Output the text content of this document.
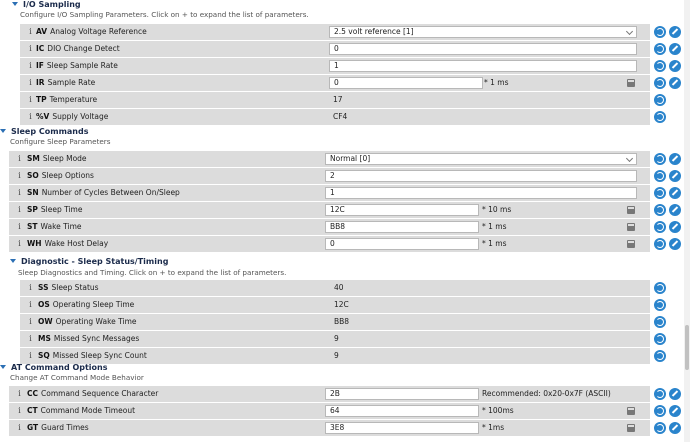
I/O Sampling
Configure I/O Sampling Parameters. Click on + to expand the list of parameters.
i AV Analog Voltage Reference	2.5 volt reference [1]
i IC DIO Change Detect	0
i IF Sleep Sample Rate	1
i IR Sample Rate	0	* 1 ms
i TP Temperature	17
i %V Supply Voltage	CF4
Sleep Commands
Configure Sleep Parameters
i SM Sleep Mode	Normal [0]
i SO Sleep Options	2
i SN Number of Cycles Between On/Sleep	1
i SP Sleep Time	12C	* 10 ms
i ST Wake Time	BB8	* 1 ms
i WH Wake Host Delay	0	* 1 ms
Diagnostic - Sleep Status/Timing
Sleep Diagnostics and Timing. Click on + to expand the list of parameters.
i SS Sleep Status	40
i OS Operating Sleep Time	12C
i OW Operating Wake Time	BB8
i MS Missed Sync Messages	9
i SQ Missed Sleep Sync Count	9
AT Command Options
Change AT Command Mode Behavior
i CC Command Sequence Character	2B	Recommended: 0x20-0x7F (ASCII)
i CT Command Mode Timeout	64	* 100ms
i GT Guard Times	3E8	* 1ms
